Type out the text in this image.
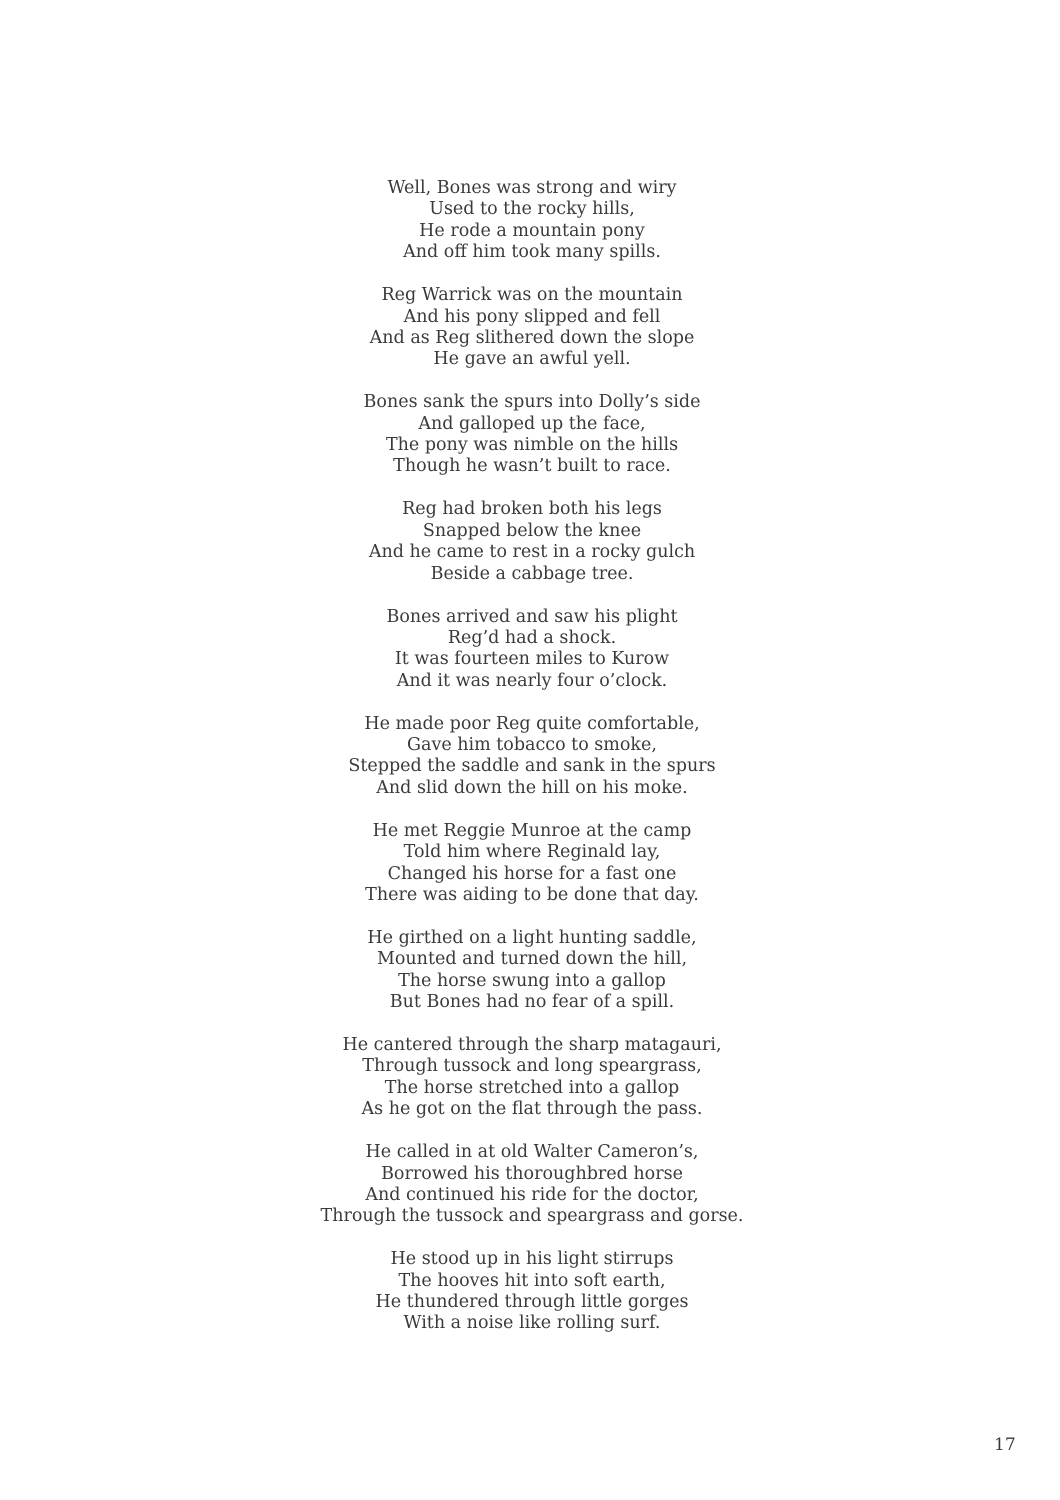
Well, Bones was strong and wiry
Used to the rocky hills,
He rode a mountain pony
And off him took many spills.
Reg Warrick was on the mountain
And his pony slipped and fell
And as Reg slithered down the slope
He gave an awful yell.
Bones sank the spurs into Dolly’s side
And galloped up the face,
The pony was nimble on the hills
Though he wasn’t built to race.
Reg had broken both his legs
Snapped below the knee
And he came to rest in a rocky gulch
Beside a cabbage tree.
Bones arrived and saw his plight
Reg’d had a shock.
It was fourteen miles to Kurow
And it was nearly four o’clock.
He made poor Reg quite comfortable,
Gave him tobacco to smoke,
Stepped the saddle and sank in the spurs
And slid down the hill on his moke.
He met Reggie Munroe at the camp
Told him where Reginald lay,
Changed his horse for a fast one
There was aiding to be done that day.
He girthed on a light hunting saddle,
Mounted and turned down the hill,
The horse swung into a gallop
But Bones had no fear of a spill.
He cantered through the sharp matagauri,
Through tussock and long speargrass,
The horse stretched into a gallop
As he got on the flat through the pass.
He called in at old Walter Cameron’s,
Borrowed his thoroughbred horse
And continued his ride for the doctor,
Through the tussock and speargrass and gorse.
He stood up in his light stirrups
The hooves hit into soft earth,
He thundered through little gorges
With a noise like rolling surf.
17
